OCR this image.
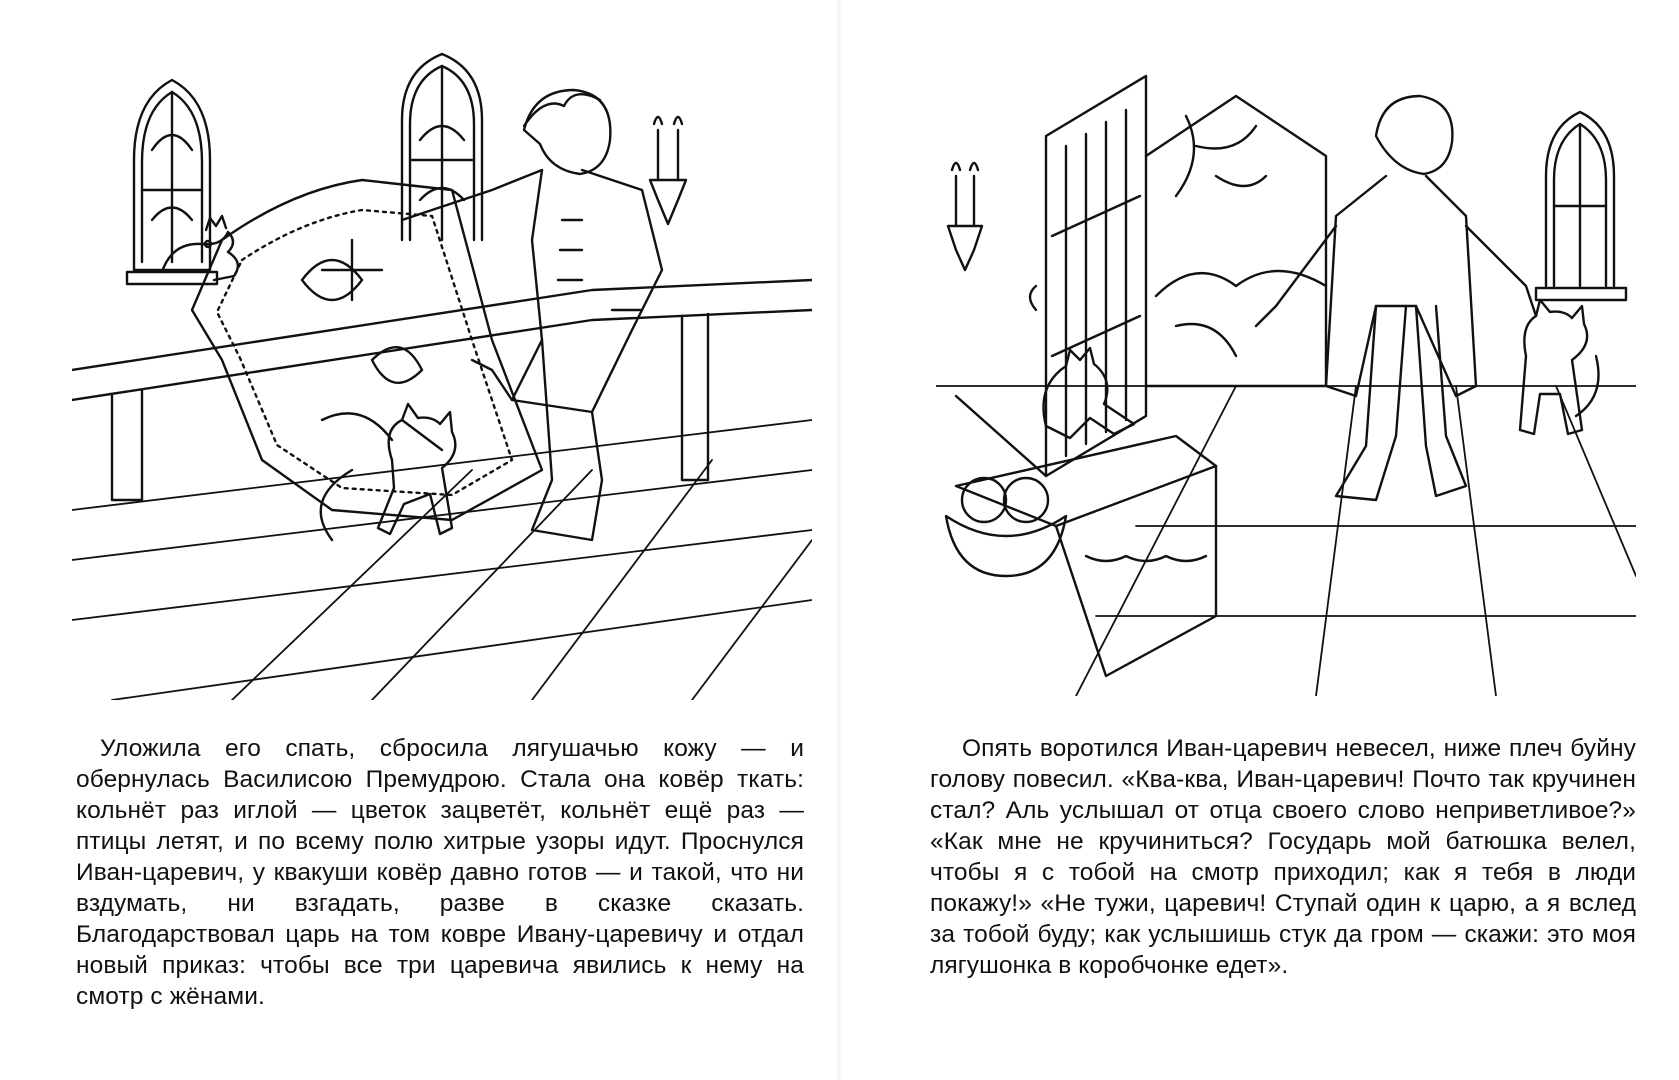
Уложила его спать, сбросила лягушачью кожу — и обернулась Василисою Премудрою. Стала она ковёр ткать: кольнёт раз иглой — цветок зацветёт, кольнёт ещё раз — птицы летят, и по всему полю хитрые узоры идут. Проснулся Иван-царевич, у квакуши ковёр давно готов — и такой, что ни вздумать, ни взгадать, разве в сказке сказать. Благодарствовал царь на том ковре Ивану-царевичу и отдал новый приказ: чтобы все три царевича явились к нему на смотр с жёнами.

Опять воротился Иван-царевич невесел, ниже плеч буйну голову повесил. «Ква-ква, Иван-царевич! Почто так кручинен стал? Аль услышал от отца своего слово неприветливое?» «Как мне не кручиниться? Государь мой батюшка велел, чтобы я с тобой на смотр приходил; как я тебя в люди покажу!» «Не тужи, царевич! Ступай один к царю, а я вслед за тобой буду; как услышишь стук да гром — скажи: это моя лягушонка в коробчонке едет».
